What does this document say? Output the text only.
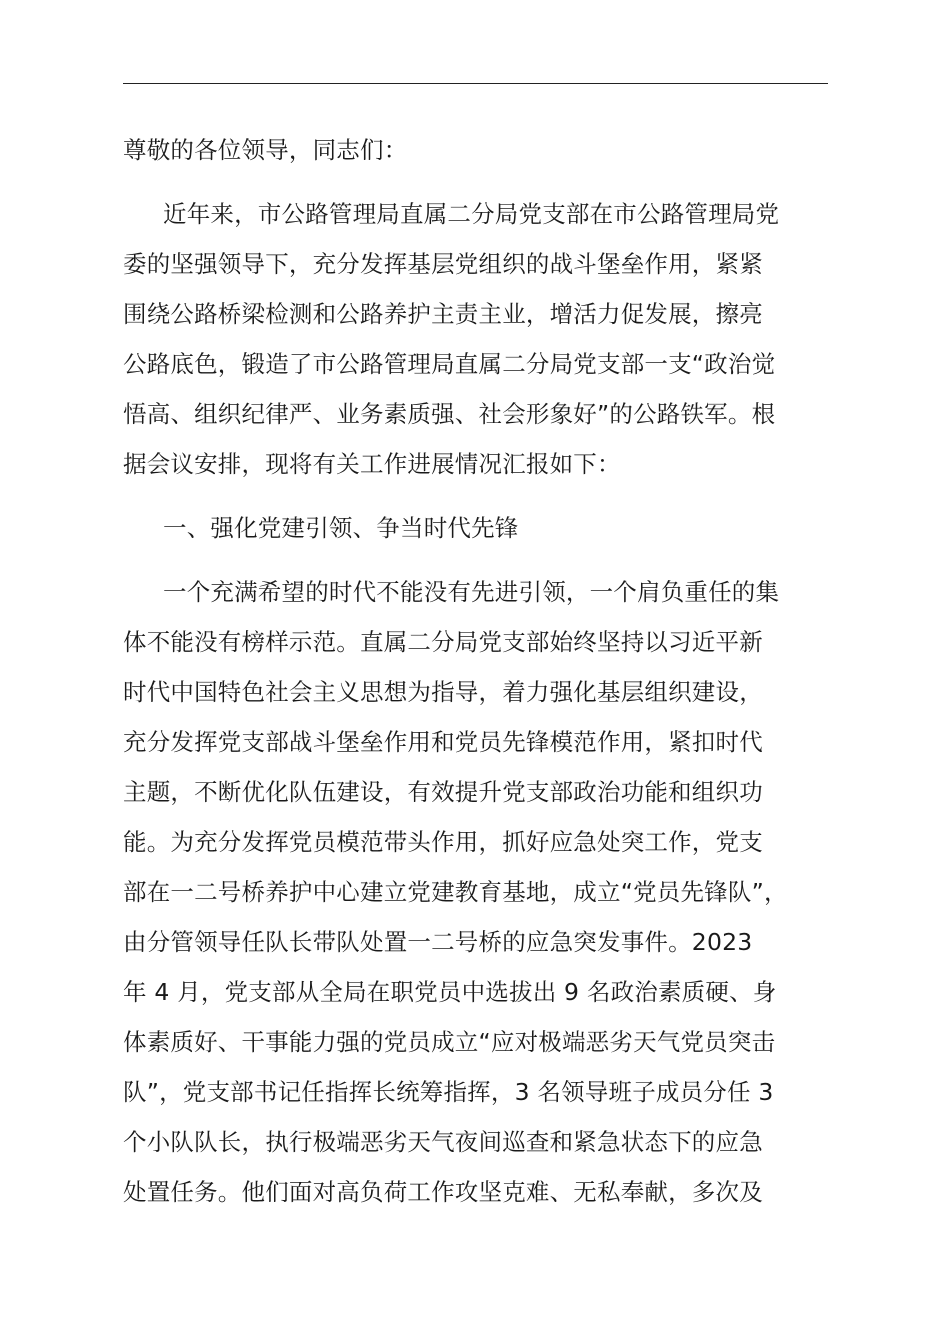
尊敬的各位领导，同志们：
近年来，市公路管理局直属二分局党支部在市公路管理局党
委的坚强领导下，充分发挥基层党组织的战斗堡垒作用，紧紧
围绕公路桥梁检测和公路养护主责主业，增活力促发展，擦亮
公路底色，锻造了市公路管理局直属二分局党支部一支“政治觉
悟高、组织纪律严、业务素质强、社会形象好”的公路铁军。根
据会议安排，现将有关工作进展情况汇报如下：
一、强化党建引领、争当时代先锋
一个充满希望的时代不能没有先进引领，一个肩负重任的集
体不能没有榜样示范。直属二分局党支部始终坚持以习近平新
时代中国特色社会主义思想为指导，着力强化基层组织建设，
充分发挥党支部战斗堡垒作用和党员先锋模范作用，紧扣时代
主题，不断优化队伍建设，有效提升党支部政治功能和组织功
能。为充分发挥党员模范带头作用，抓好应急处突工作，党支
部在一二号桥养护中心建立党建教育基地，成立“党员先锋队”，
由分管领导任队长带队处置一二号桥的应急突发事件。2023
年 4 月，党支部从全局在职党员中选拔出 9 名政治素质硬、身
体素质好、干事能力强的党员成立“应对极端恶劣天气党员突击
队”，党支部书记任指挥长统筹指挥，3 名领导班子成员分任 3
个小队队长，执行极端恶劣天气夜间巡查和紧急状态下的应急
处置任务。他们面对高负荷工作攻坚克难、无私奉献，多次及
